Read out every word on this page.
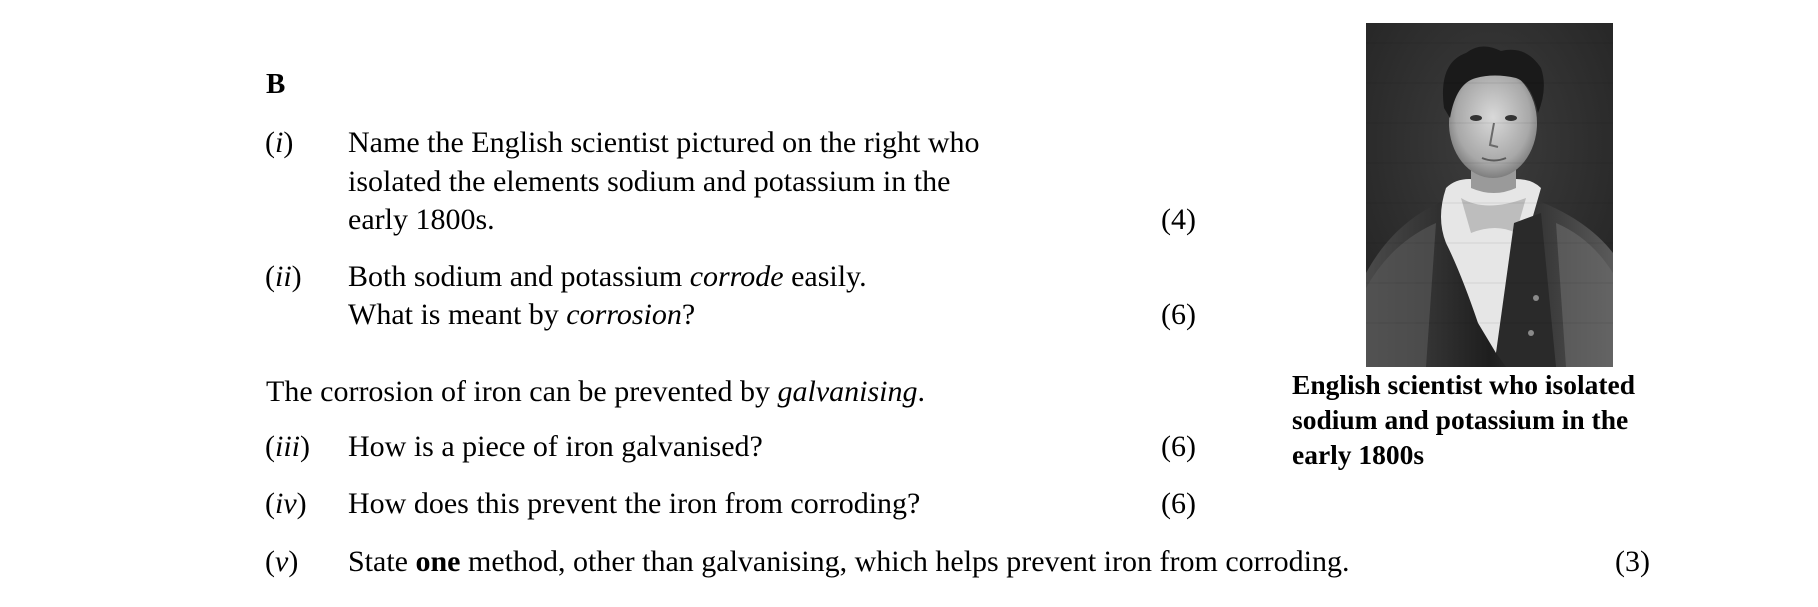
B
(i) Name the English scientist pictured on the right who
isolated the elements sodium and potassium in the
early 1800s.	(4)
(ii) Both sodium and potassium corrode easily.
What is meant by corrosion?	(6)
The corrosion of iron can be prevented by galvanising.
(iii) How is a piece of iron galvanised?	(6)
(iv) How does this prevent the iron from corroding?	(6)
(v) State one method, other than galvanising, which helps prevent iron from corroding.	(3)
English scientist who isolated
sodium and potassium in the
early 1800s
